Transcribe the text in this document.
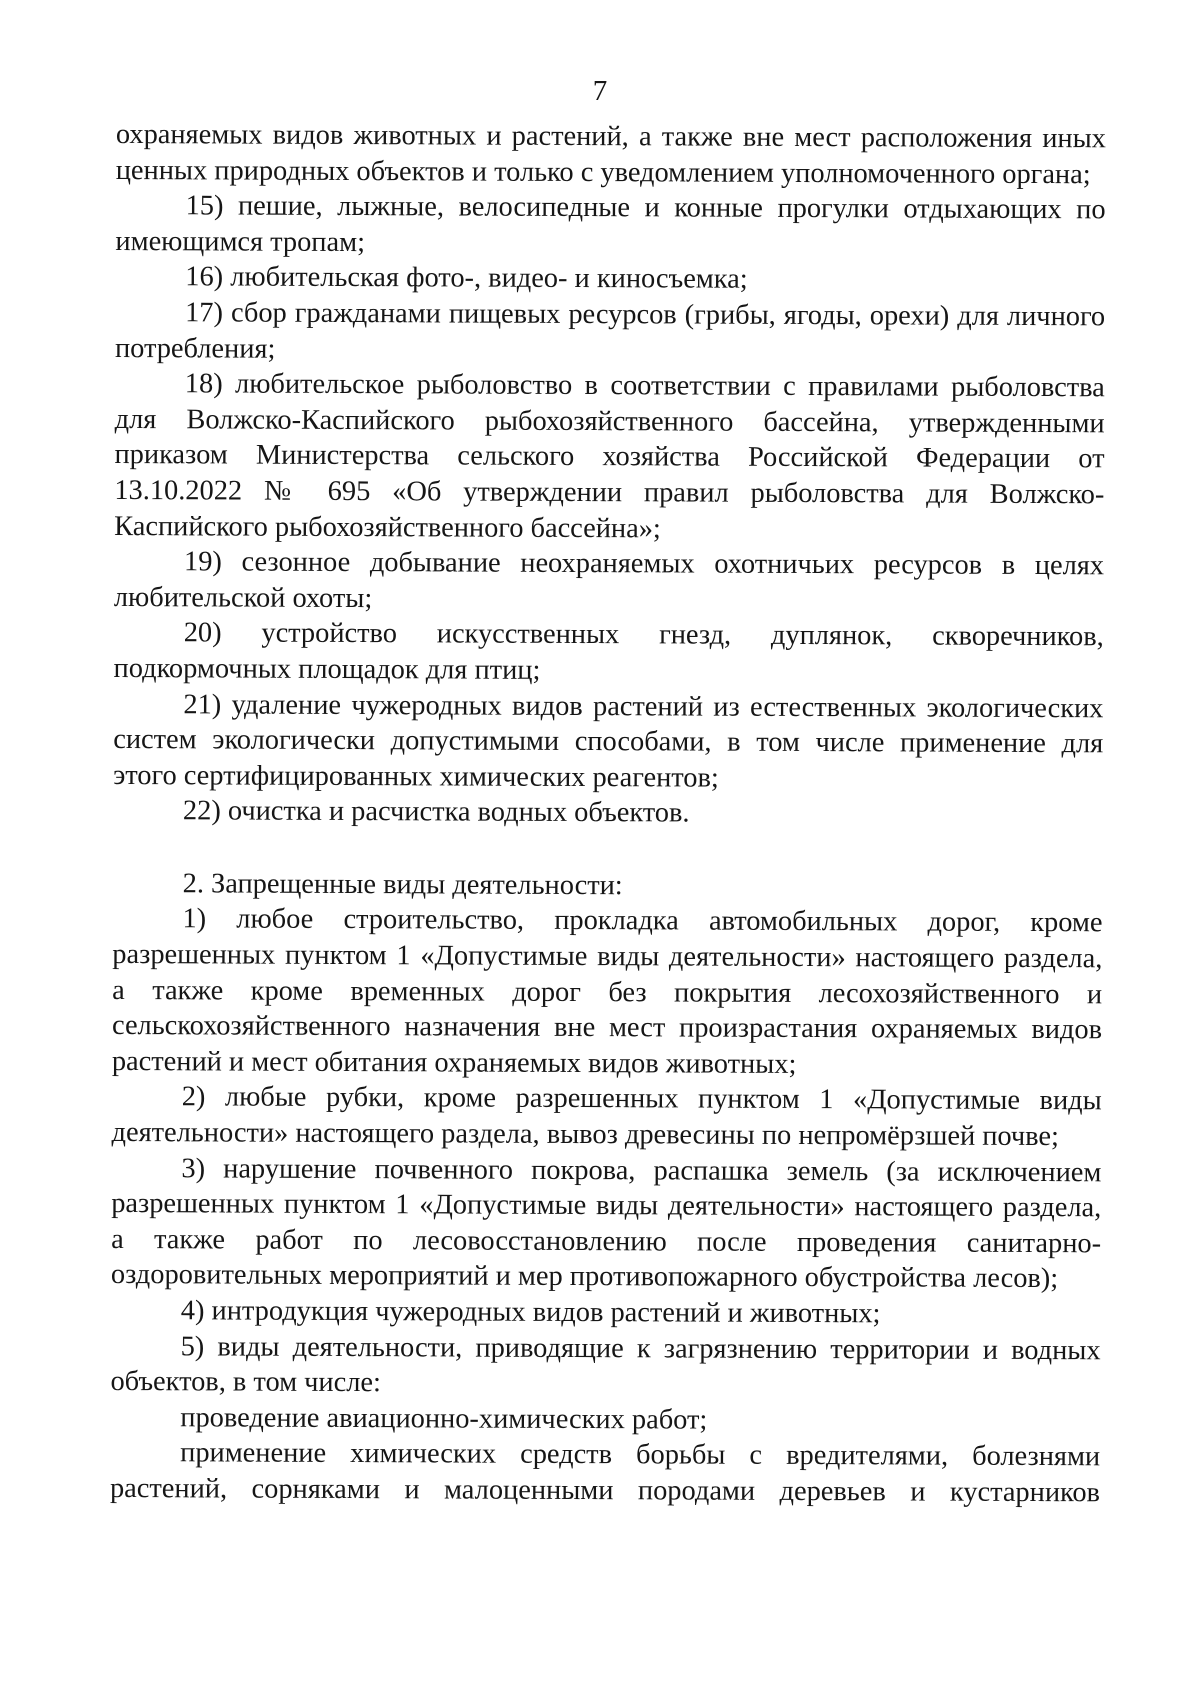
7

охраняемых видов животных и растений, а также вне мест расположения иных ценных природных объектов и только с уведомлением уполномоченного органа;

15) пешие, лыжные, велосипедные и конные прогулки отдыхающих по имеющимся тропам;

16) любительская фото-, видео- и киносъемка;

17) сбор гражданами пищевых ресурсов (грибы, ягоды, орехи) для личного потребления;

18) любительское рыболовство в соответствии с правилами рыболовства для Волжско-Каспийского рыбохозяйственного бассейна, утвержденными приказом Министерства сельского хозяйства Российской Федерации от 13.10.2022 № 695 «Об утверждении правил рыболовства для Волжско-Каспийского рыбохозяйственного бассейна»;

19) сезонное добывание неохраняемых охотничьих ресурсов в целях любительской охоты;

20) устройство искусственных гнезд, дуплянок, скворечников, подкормочных площадок для птиц;

21) удаление чужеродных видов растений из естественных экологических систем экологически допустимыми способами, в том числе применение для этого сертифицированных химических реагентов;

22) очистка и расчистка водных объектов.

2. Запрещенные виды деятельности:

1) любое строительство, прокладка автомобильных дорог, кроме разрешенных пунктом 1 «Допустимые виды деятельности» настоящего раздела, а также кроме временных дорог без покрытия лесохозяйственного и сельскохозяйственного назначения вне мест произрастания охраняемых видов растений и мест обитания охраняемых видов животных;

2) любые рубки, кроме разрешенных пунктом 1 «Допустимые виды деятельности» настоящего раздела, вывоз древесины по непромёрзшей почве;

3) нарушение почвенного покрова, распашка земель (за исключением разрешенных пунктом 1 «Допустимые виды деятельности» настоящего раздела, а также работ по лесовосстановлению после проведения санитарно-оздоровительных мероприятий и мер противопожарного обустройства лесов);

4) интродукция чужеродных видов растений и животных;

5) виды деятельности, приводящие к загрязнению территории и водных объектов, в том числе:

проведение авиационно-химических работ;

применение химических средств борьбы с вредителями, болезнями растений, сорняками и малоценными породами деревьев и кустарников
